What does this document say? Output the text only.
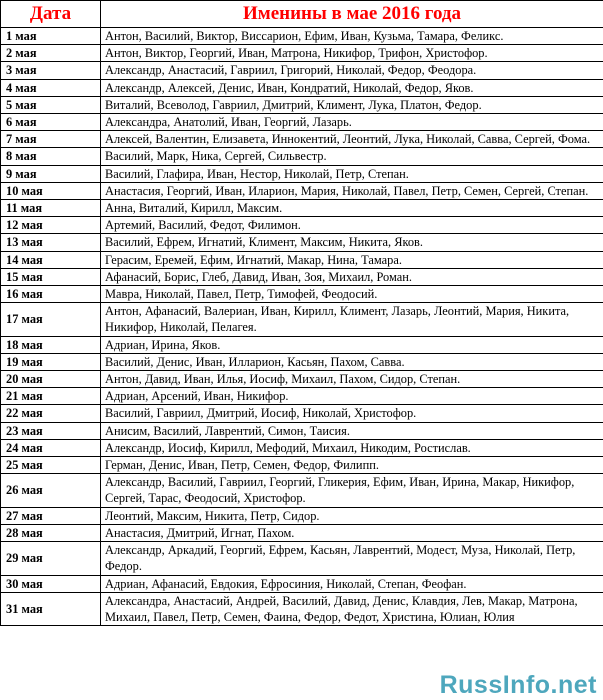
Дата	Именины в мае 2016 года
1 мая	Антон, Василий, Виктор, Виссарион, Ефим, Иван, Кузьма, Тамара, Феликс.
2 мая	Антон, Виктор, Георгий, Иван, Матрона, Никифор, Трифон, Христофор.
3 мая	Александр, Анастасий, Гавриил, Григорий, Николай, Федор, Феодора.
4 мая	Александр, Алексей, Денис, Иван, Кондратий, Николай, Федор, Яков.
5 мая	Виталий, Всеволод, Гавриил, Дмитрий, Климент, Лука, Платон, Федор.
6 мая	Александра, Анатолий, Иван, Георгий, Лазарь.
7 мая	Алексей, Валентин, Елизавета, Иннокентий, Леонтий, Лука, Николай, Савва, Сергей, Фома.
8 мая	Василий, Марк, Ника, Сергей, Сильвестр.
9 мая	Василий, Глафира, Иван, Нестор, Николай, Петр, Степан.
10 мая	Анастасия, Георгий, Иван, Иларион, Мария, Николай, Павел, Петр, Семен, Сергей, Степан.
11 мая	Анна, Виталий, Кирилл, Максим.
12 мая	Артемий, Василий, Федот, Филимон.
13 мая	Василий, Ефрем, Игнатий, Климент, Максим, Никита, Яков.
14 мая	Герасим, Еремей, Ефим, Игнатий, Макар, Нина, Тамара.
15 мая	Афанасий, Борис, Глеб, Давид, Иван, Зоя, Михаил, Роман.
16 мая	Мавра, Николай, Павел, Петр, Тимофей, Феодосий.
17 мая	Антон, Афанасий, Валериан, Иван, Кирилл, Климент, Лазарь, Леонтий, Мария, Никита, Никифор, Николай, Пелагея.
18 мая	Адриан, Ирина, Яков.
19 мая	Василий, Денис, Иван, Илларион, Касьян, Пахом, Савва.
20 мая	Антон, Давид, Иван, Илья, Иосиф, Михаил, Пахом, Сидор, Степан.
21 мая	Адриан, Арсений, Иван, Никифор.
22 мая	Василий, Гавриил, Дмитрий, Иосиф, Николай, Христофор.
23 мая	Анисим, Василий, Лаврентий, Симон, Таисия.
24 мая	Александр, Иосиф, Кирилл, Мефодий, Михаил, Никодим, Ростислав.
25 мая	Герман, Денис, Иван, Петр, Семен, Федор, Филипп.
26 мая	Александр, Василий, Гавриил, Георгий, Гликерия, Ефим, Иван, Ирина, Макар, Никифор, Сергей, Тарас, Феодосий, Христофор.
27 мая	Леонтий, Максим, Никита, Петр, Сидор.
28 мая	Анастасия, Дмитрий, Игнат, Пахом.
29 мая	Александр, Аркадий, Георгий, Ефрем, Касьян, Лаврентий, Модест, Муза, Николай, Петр, Федор.
30 мая	Адриан, Афанасий, Евдокия, Ефросиния, Николай, Степан, Феофан.
31 мая	Александра, Анастасий, Андрей, Василий, Давид, Денис, Клавдия, Лев, Макар, Матрона, Михаил, Павел, Петр, Семен, Фаина, Федор, Федот, Христина, Юлиан, Юлия
RussInfo.net
